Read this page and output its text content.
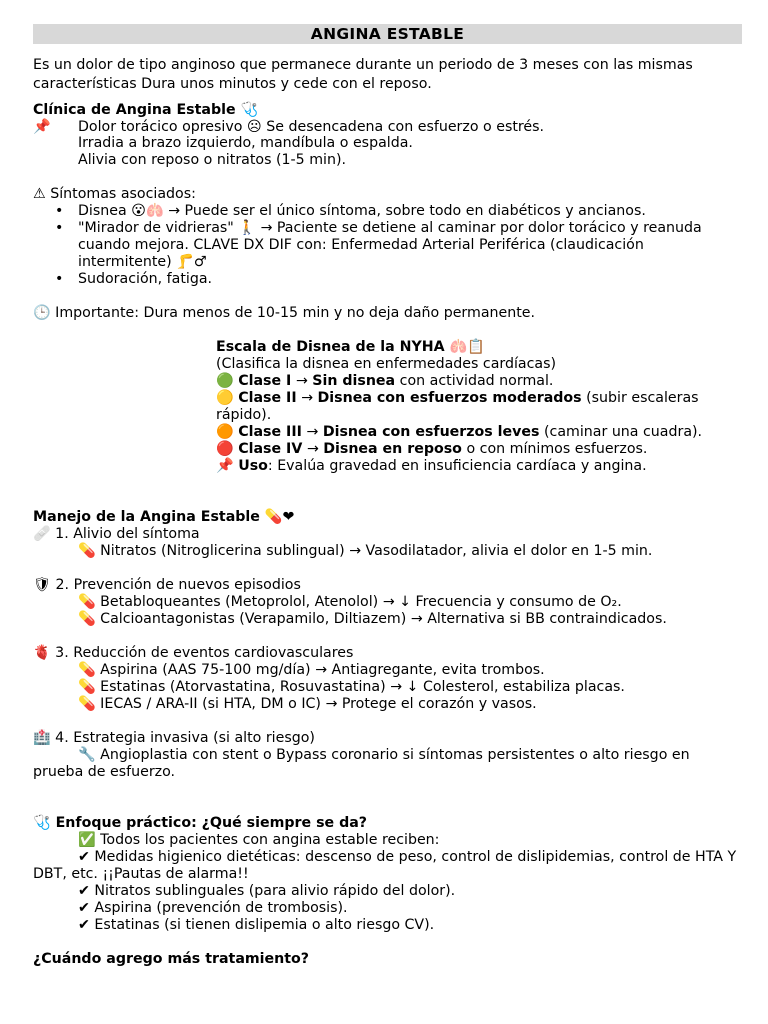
ANGINA ESTABLE

Es un dolor de tipo anginoso que permanece durante un periodo de 3 meses con las mismas características Dura unos minutos y cede con el reposo.

Clínica de Angina Estable 🩺

📌	Dolor torácico opresivo ☹ Se desencadena con esfuerzo o estrés.

Irradia a brazo izquierdo, mandíbula o espalda.

Alivia con reposo o nitratos (1-5 min).

⚠ Síntomas asociados:

• Disnea 😮🫁 → Puede ser el único síntoma, sobre todo en diabéticos y ancianos.
• "Mirador de vidrieras" 🚶 → Paciente se detiene al caminar por dolor torácico y reanuda cuando mejora. CLAVE DX DIF con: Enfermedad Arterial Periférica (claudicación intermitente) 🦵♂
• Sudoración, fatiga.

🕒 Importante: Dura menos de 10-15 min y no deja daño permanente.

Escala de Disnea de la NYHA 🫁📋

(Clasifica la disnea en enfermedades cardíacas)

🟢 Clase I → Sin disnea con actividad normal.

🟡 Clase II → Disnea con esfuerzos moderados (subir escaleras rápido).

🟠 Clase III → Disnea con esfuerzos leves (caminar una cuadra).

🔴 Clase IV → Disnea en reposo o con mínimos esfuerzos.

📌 Uso: Evalúa gravedad en insuficiencia cardíaca y angina.

Manejo de la Angina Estable 💊❤

🩹 1. Alivio del síntoma

💊 Nitratos (Nitroglicerina sublingual) → Vasodilatador, alivia el dolor en 1-5 min.

🛡 2. Prevención de nuevos episodios

💊 Betabloqueantes (Metoprolol, Atenolol) → ↓ Frecuencia y consumo de O₂.

💊 Calcioantagonistas (Verapamilo, Diltiazem) → Alternativa si BB contraindicados.

🫀 3. Reducción de eventos cardiovasculares

💊 Aspirina (AAS 75-100 mg/día) → Antiagregante, evita trombos.

💊 Estatinas (Atorvastatina, Rosuvastatina) → ↓ Colesterol, estabiliza placas.

💊 IECAS / ARA-II (si HTA, DM o IC) → Protege el corazón y vasos.

🏥 4. Estrategia invasiva (si alto riesgo)

🔧 Angioplastia con stent o Bypass coronario si síntomas persistentes o alto riesgo en prueba de esfuerzo.

🩺 Enfoque práctico: ¿Qué siempre se da?

✅ Todos los pacientes con angina estable reciben:

✔ Medidas higienico dietéticas: descenso de peso, control de dislipidemias, control de HTA Y DBT, etc. ¡¡Pautas de alarma!!

✔ Nitratos sublinguales (para alivio rápido del dolor).

✔ Aspirina (prevención de trombosis).

✔ Estatinas (si tienen dislipemia o alto riesgo CV).

¿Cuándo agrego más tratamiento?
